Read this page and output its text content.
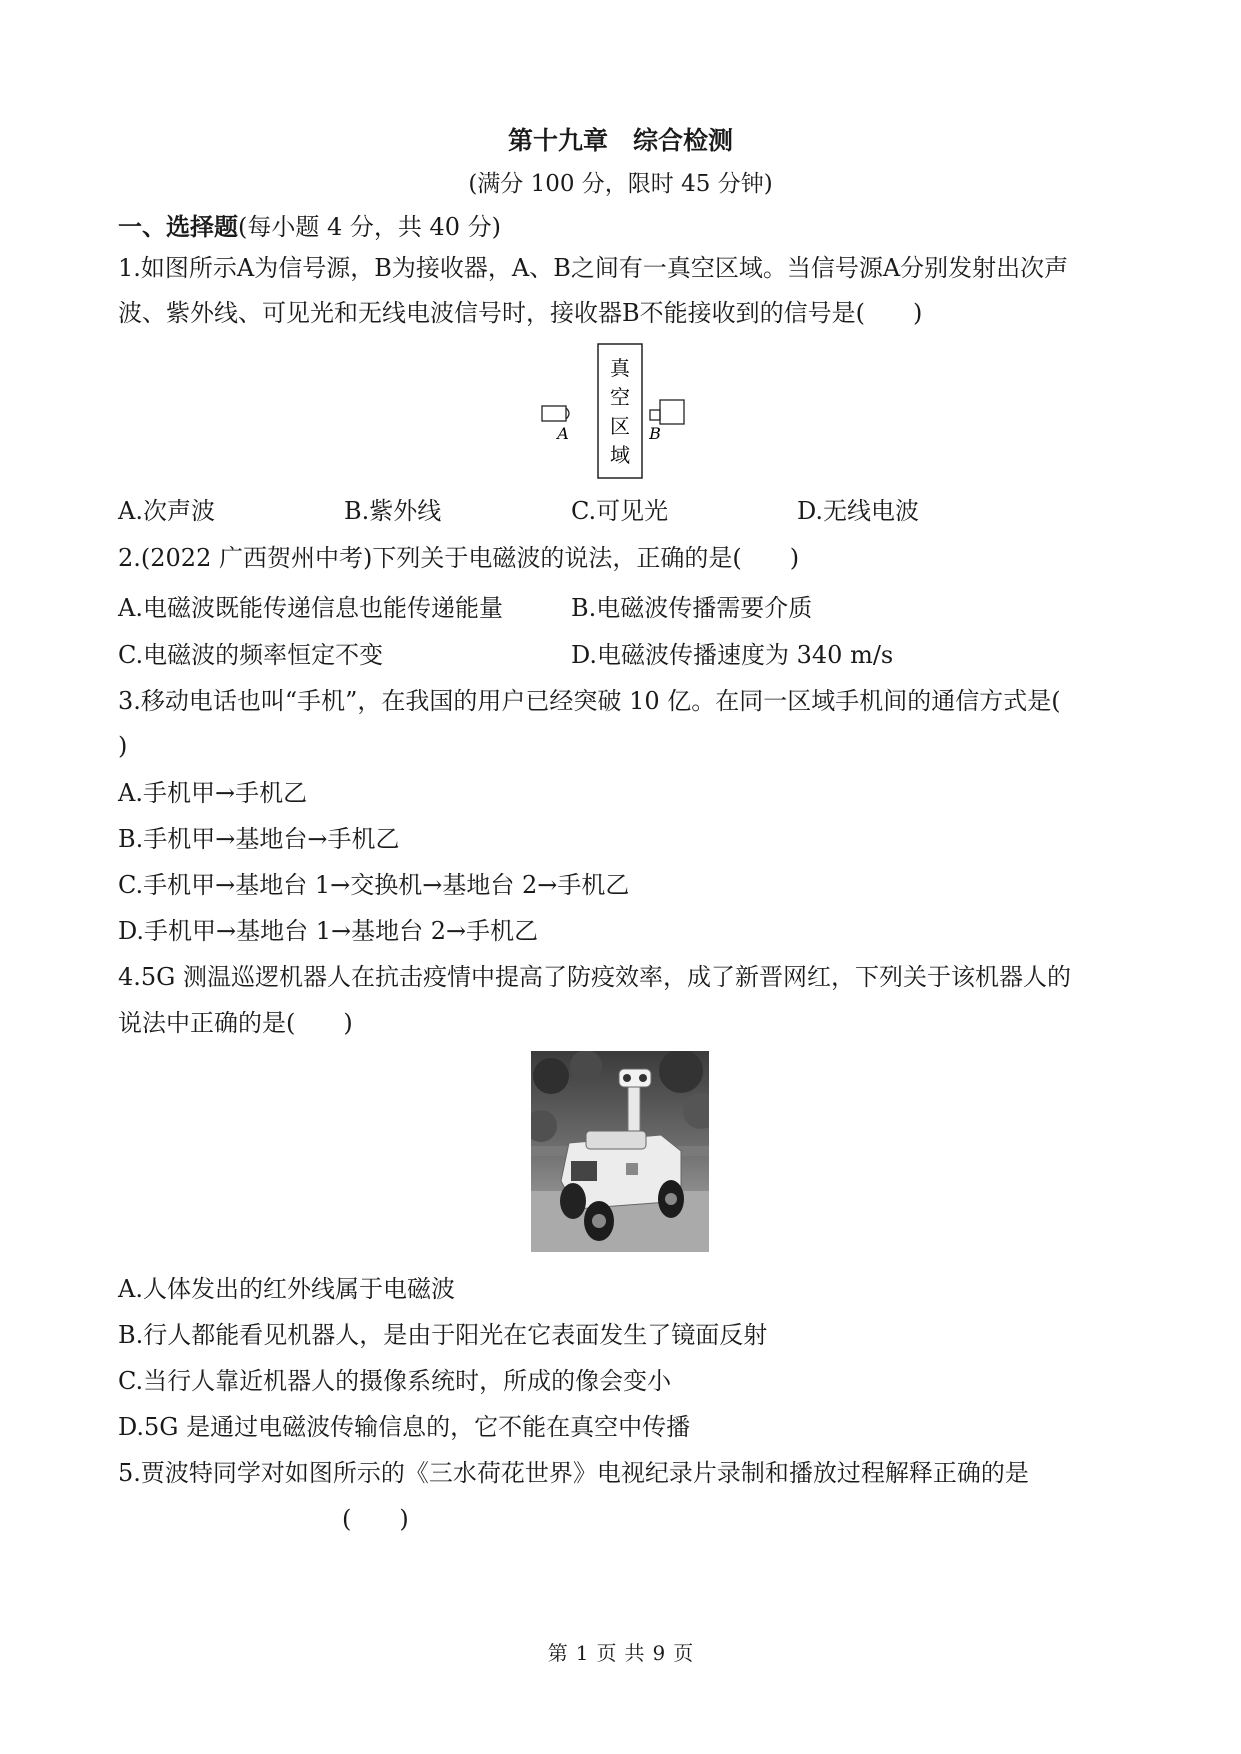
第十九章　综合检测
(满分 100 分，限时 45 分钟)
一、选择题(每小题 4 分，共 40 分)
1.如图所示A为信号源，B为接收器，A、B之间有一真空区域。当信号源A分别发射出次声
波、紫外线、可见光和无线电波信号时，接收器B不能接收到的信号是(　　)
真
空
区
域
A	B
A.次声波	B.紫外线	C.可见光	D.无线电波
2.(2022 广西贺州中考)下列关于电磁波的说法，正确的是(　　)
A.电磁波既能传递信息也能传递能量	B.电磁波传播需要介质
C.电磁波的频率恒定不变	D.电磁波传播速度为 340 m/s
3.移动电话也叫“手机”，在我国的用户已经突破 10 亿。在同一区域手机间的通信方式是(
)
A.手机甲→手机乙
B.手机甲→基地台→手机乙
C.手机甲→基地台 1→交换机→基地台 2→手机乙
D.手机甲→基地台 1→基地台 2→手机乙
4.5G 测温巡逻机器人在抗击疫情中提高了防疫效率，成了新晋网红，下列关于该机器人的
说法中正确的是(　　)
A.人体发出的红外线属于电磁波
B.行人都能看见机器人，是由于阳光在它表面发生了镜面反射
C.当行人靠近机器人的摄像系统时，所成的像会变小
D.5G 是通过电磁波传输信息的，它不能在真空中传播
5.贾波特同学对如图所示的《三水荷花世界》电视纪录片录制和播放过程解释正确的是
(　　)
第 1 页 共 9 页
